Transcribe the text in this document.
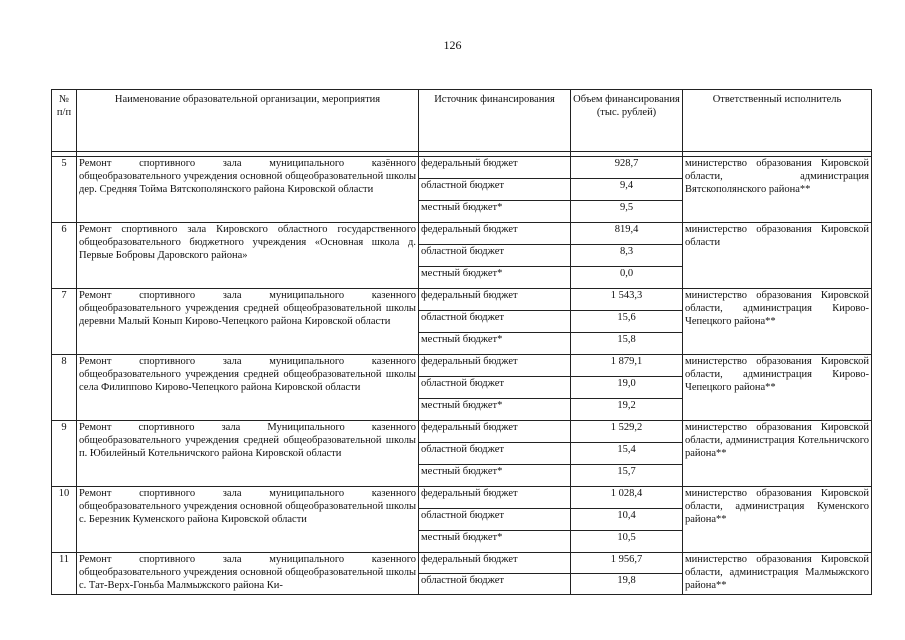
126
№ п/п	Наименование образовательной организации, мероприятия	Источник финансирования	Объем финансирования (тыс. рублей)	Ответственный исполнитель

5	Ремонт спортивного зала муниципального казённого общеобразовательного учреждения основной общеобразовательной школы дер. Средняя Тойма Вятскополянского района Кировской области	федеральный бюджет	928,7	министерство образования Кировской области, администрация Вятскополянского района**
		областной бюджет	9,4	
		местный бюджет*	9,5	
6	Ремонт спортивного зала Кировского областного государственного общеобразовательного бюджетного учреждения «Основная школа д. Первые Бобровы Даровского района»	федеральный бюджет	819,4	министерство образования Кировской области
		областной бюджет	8,3	
		местный бюджет*	0,0	
7	Ремонт спортивного зала муниципального казенного общеобразовательного учреждения средней общеобразовательной школы деревни Малый Конып Кирово-Чепецкого района Кировской области	федеральный бюджет	1 543,3	министерство образования Кировской области, администрация Кирово-Чепецкого района**
		областной бюджет	15,6	
		местный бюджет*	15,8	
8	Ремонт спортивного зала муниципального казенного общеобразовательного учреждения средней общеобразовательной школы села Филиппово Кирово-Чепецкого района Кировской области	федеральный бюджет	1 879,1	министерство образования Кировской области, администрация Кирово-Чепецкого района**
		областной бюджет	19,0	
		местный бюджет*	19,2	
9	Ремонт спортивного зала Муниципального казенного общеобразовательного учреждения средней общеобразовательной школы п. Юбилейный Котельничского района Кировской области	федеральный бюджет	1 529,2	министерство образования Кировской области, администрация Котельничского района**
		областной бюджет	15,4	
		местный бюджет*	15,7	
10	Ремонт спортивного зала муниципального казенного общеобразовательного учреждения основной общеобразовательной школы с. Березник Куменского района Кировской области	федеральный бюджет	1 028,4	министерство образования Кировской области, администрация Куменского района**
		областной бюджет	10,4	
		местный бюджет*	10,5	
11	Ремонт спортивного зала муниципального казенного общеобразовательного учреждения основной общеобразовательной школы с. Тат-Верх-Гоньба Малмыжского района Ки-	федеральный бюджет	1 956,7	министерство образования Кировской области, администрация Малмыжского района**
		областной бюджет	19,8	
